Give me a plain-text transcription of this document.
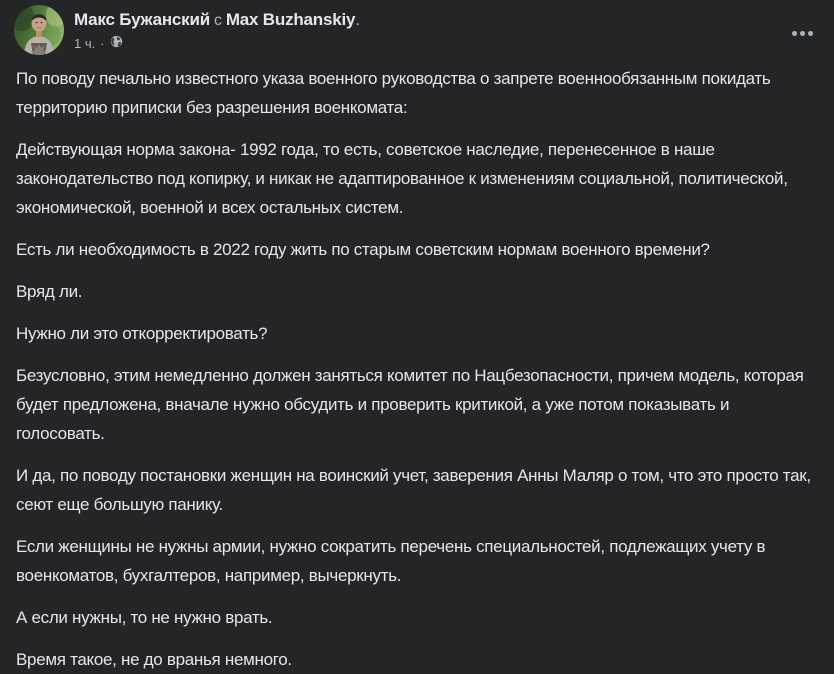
Макс Бужанский с Max Buzhanskiy.
1 ч. ·

По поводу печально известного указа военного руководства о запрете военнообязанным покидать территорию приписки без разрешения военкомата:

Действующая норма закона- 1992 года, то есть, советское наследие, перенесенное в наше законодательство под копирку, и никак не адаптированное к изменениям социальной, политической, экономической, военной и всех остальных систем.

Есть ли необходимость в 2022 году жить по старым советским нормам военного времени?

Вряд ли.

Нужно ли это откорректировать?

Безусловно, этим немедленно должен заняться комитет по Нацбезопасности, причем модель, которая будет предложена, вначале нужно обсудить и проверить критикой, а уже потом показывать и голосовать.

И да, по поводу постановки женщин на воинский учет, заверения Анны Маляр о том, что это просто так, сеют еще большую панику.

Если женщины не нужны армии, нужно сократить перечень специальностей, подлежащих учету в военкоматов, бухгалтеров, например, вычеркнуть.

А если нужны, то не нужно врать.

Время такое, не до вранья немного.
